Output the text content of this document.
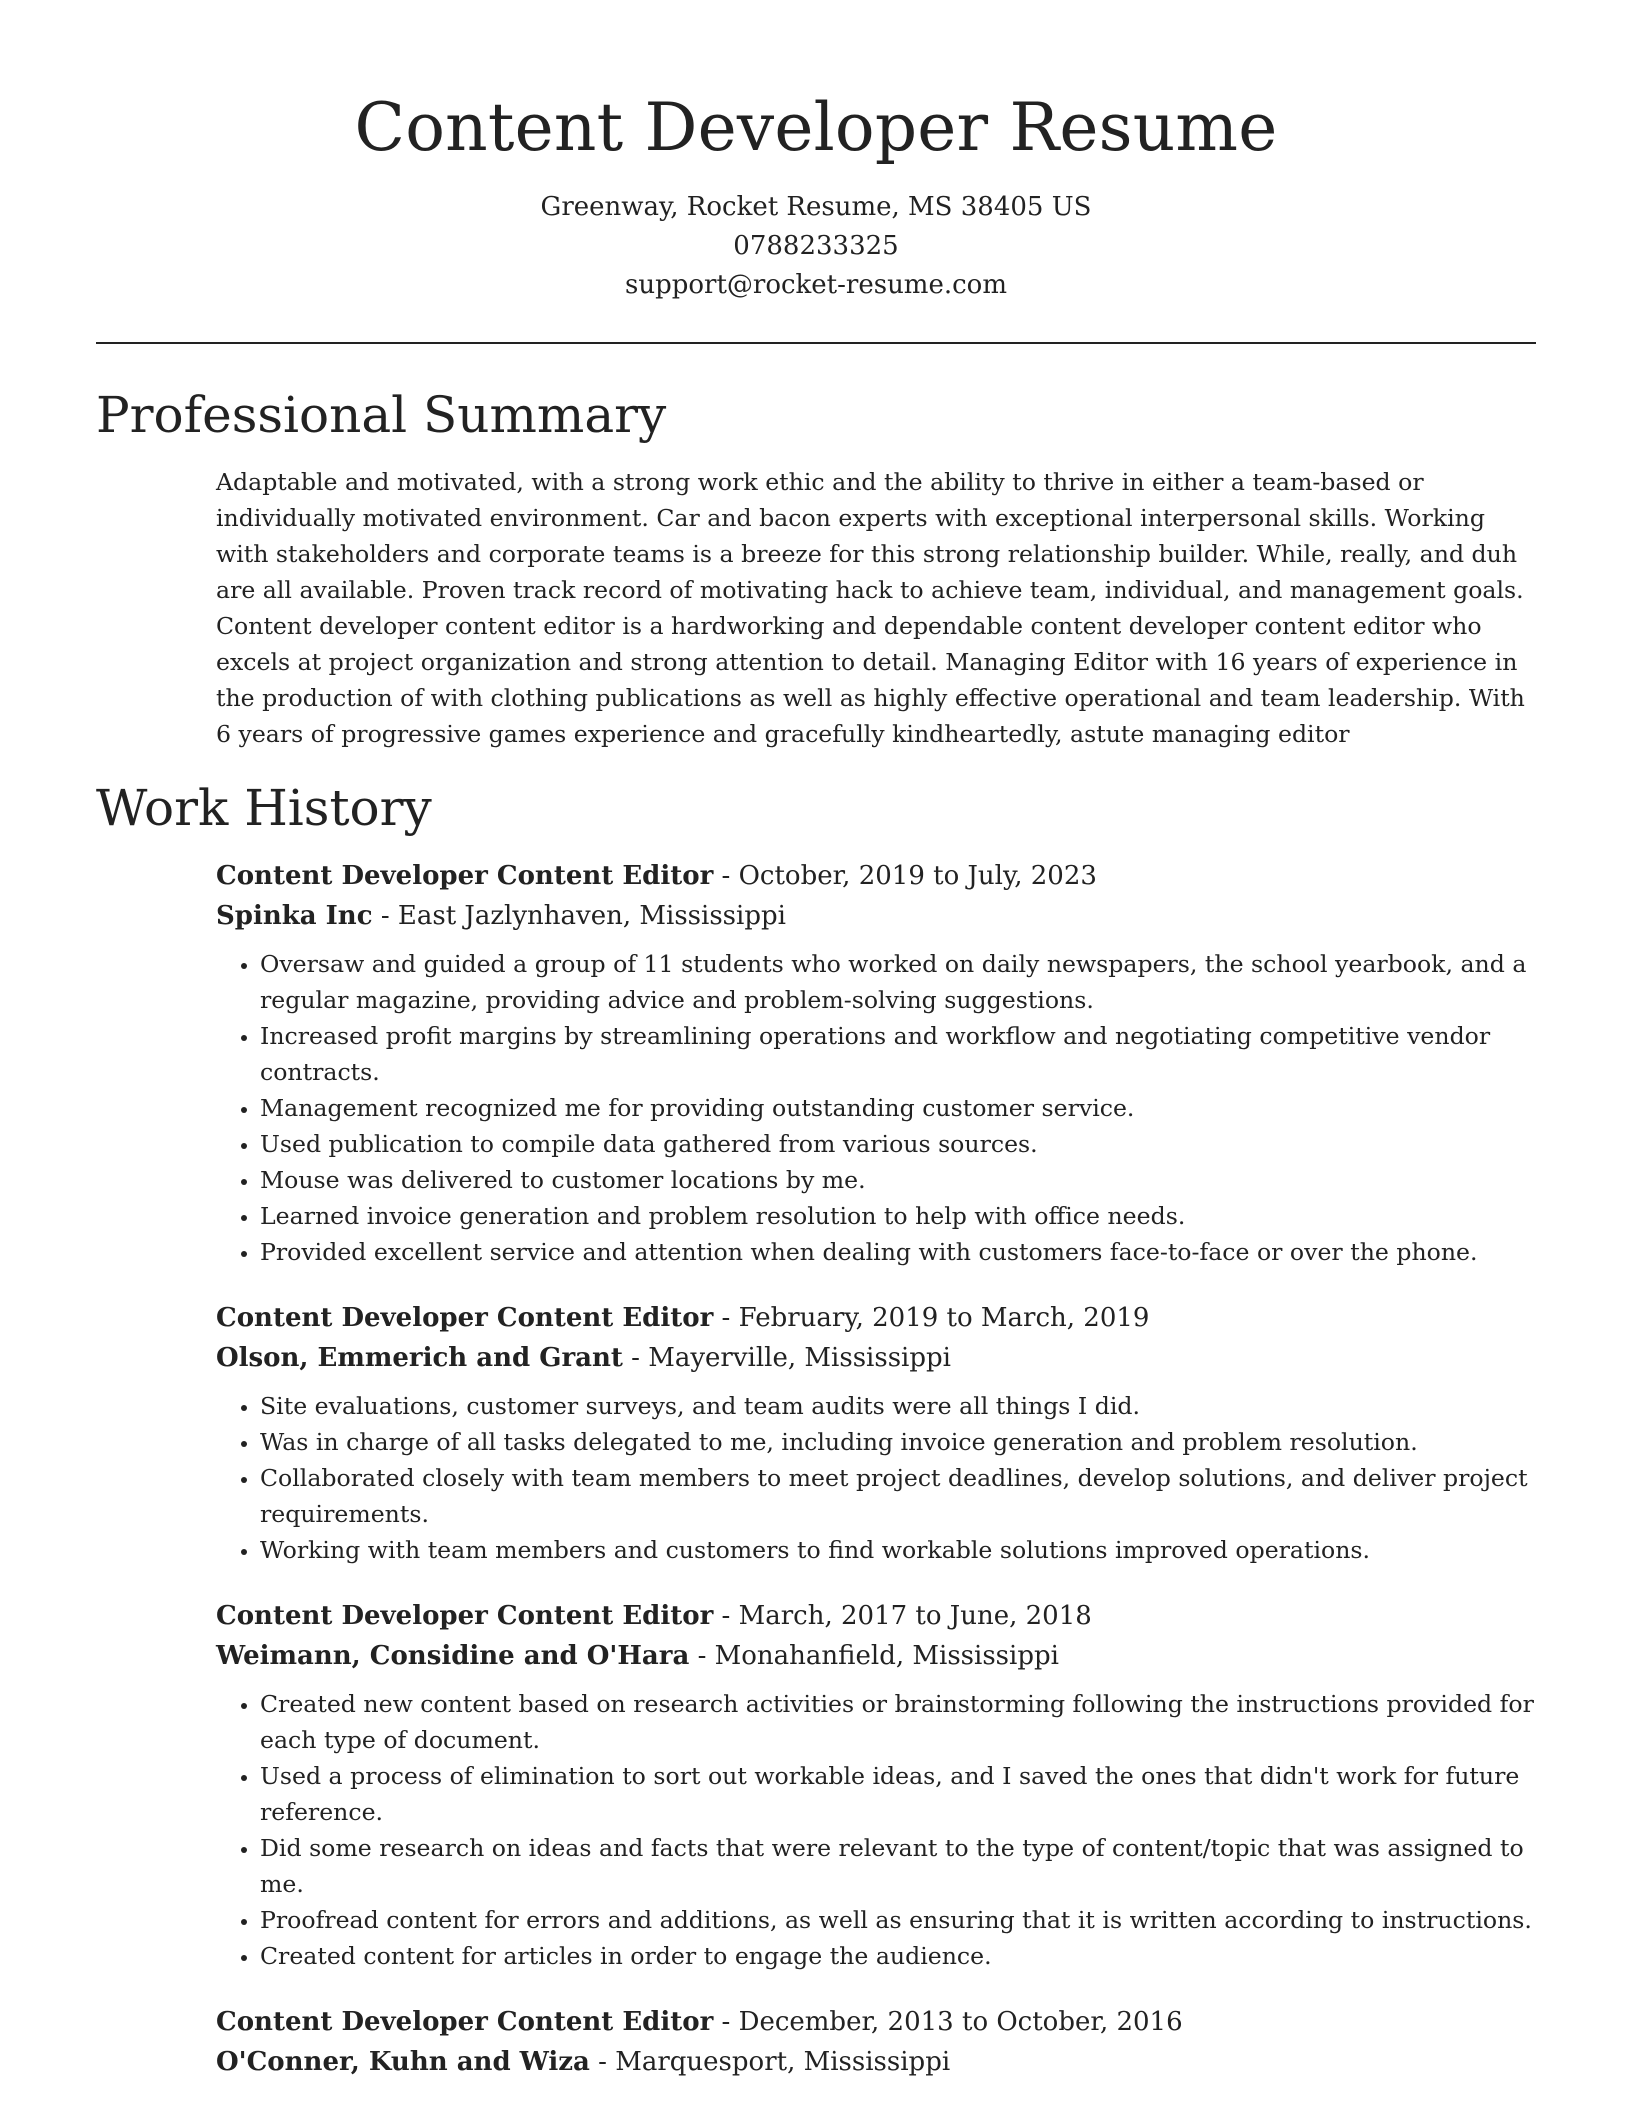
Content Developer Resume
Greenway, Rocket Resume, MS 38405 US
0788233325
support@rocket-resume.com
Professional Summary

Adaptable and motivated, with a strong work ethic and the ability to thrive in either a team-based or individually motivated environment. Car and bacon experts with exceptional interpersonal skills. Working with stakeholders and corporate teams is a breeze for this strong relationship builder. While, really, and duh are all available. Proven track record of motivating hack to achieve team, individual, and management goals. Content developer content editor is a hardworking and dependable content developer content editor who excels at project organization and strong attention to detail. Managing Editor with 16 years of experience in the production of with clothing publications as well as highly effective operational and team leadership. With 6 years of progressive games experience and gracefully kindheartedly, astute managing editor

Work History
Content Developer Content Editor - October, 2019 to July, 2023
Spinka Inc - East Jazlynhaven, Mississippi
• Oversaw and guided a group of 11 students who worked on daily newspapers, the school yearbook, and a regular magazine, providing advice and problem-solving suggestions.
• Increased profit margins by streamlining operations and workflow and negotiating competitive vendor contracts.
• Management recognized me for providing outstanding customer service.
• Used publication to compile data gathered from various sources.
• Mouse was delivered to customer locations by me.
• Learned invoice generation and problem resolution to help with office needs.
• Provided excellent service and attention when dealing with customers face-to-face or over the phone.
Content Developer Content Editor - February, 2019 to March, 2019
Olson, Emmerich and Grant - Mayerville, Mississippi
• Site evaluations, customer surveys, and team audits were all things I did.
• Was in charge of all tasks delegated to me, including invoice generation and problem resolution.
• Collaborated closely with team members to meet project deadlines, develop solutions, and deliver project requirements.
• Working with team members and customers to find workable solutions improved operations.
Content Developer Content Editor - March, 2017 to June, 2018
Weimann, Considine and O'Hara - Monahanfield, Mississippi
• Created new content based on research activities or brainstorming following the instructions provided for each type of document.
• Used a process of elimination to sort out workable ideas, and I saved the ones that didn't work for future reference.
• Did some research on ideas and facts that were relevant to the type of content/topic that was assigned to me.
• Proofread content for errors and additions, as well as ensuring that it is written according to instructions.
• Created content for articles in order to engage the audience.
Content Developer Content Editor - December, 2013 to October, 2016
O'Conner, Kuhn and Wiza - Marquesport, Mississippi
